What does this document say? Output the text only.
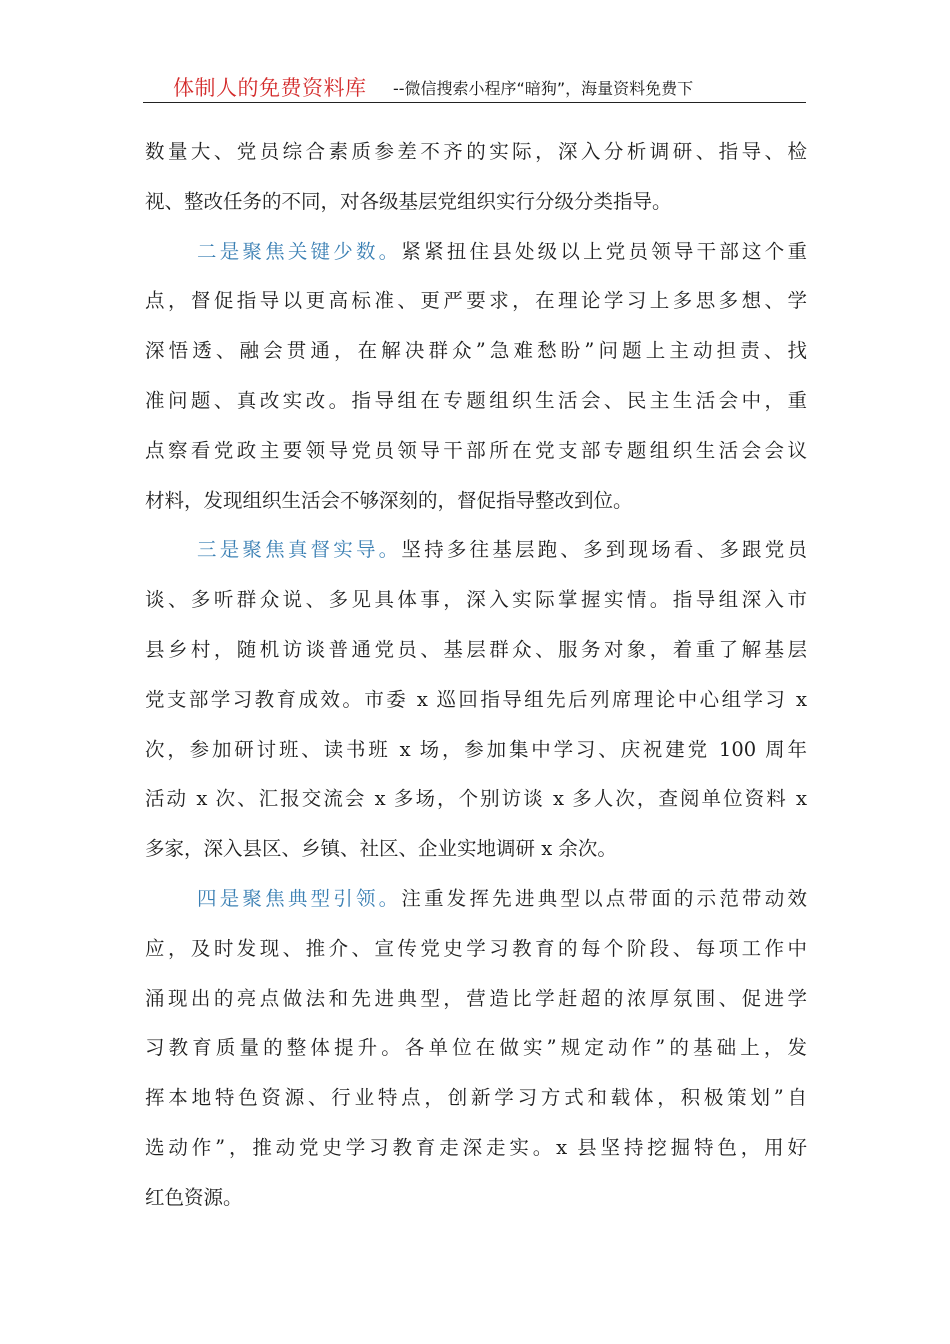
体制人的免费资料库 --微信搜索小程序“暗狗”，海量资料免费下
数量大、党员综合素质参差不齐的实际，深入分析调研、指导、检
视、整改任务的不同，对各级基层党组织实行分级分类指导。
二是聚焦关键少数。紧紧扭住县处级以上党员领导干部这个重
点，督促指导以更高标准、更严要求，在理论学习上多思多想、学
深悟透、融会贯通，在解决群众”急难愁盼”问题上主动担责、找
准问题、真改实改。指导组在专题组织生活会、民主生活会中，重
点察看党政主要领导党员领导干部所在党支部专题组织生活会会议
材料，发现组织生活会不够深刻的，督促指导整改到位。
三是聚焦真督实导。坚持多往基层跑、多到现场看、多跟党员
谈、多听群众说、多见具体事，深入实际掌握实情。指导组深入市
县乡村，随机访谈普通党员、基层群众、服务对象，着重了解基层
党支部学习教育成效。市委 x 巡回指导组先后列席理论中心组学习 x
次，参加研讨班、读书班 x 场，参加集中学习、庆祝建党 100 周年
活动 x 次、汇报交流会 x 多场，个别访谈 x 多人次，查阅单位资料 x
多家，深入县区、乡镇、社区、企业实地调研 x 余次。
四是聚焦典型引领。注重发挥先进典型以点带面的示范带动效
应，及时发现、推介、宣传党史学习教育的每个阶段、每项工作中
涌现出的亮点做法和先进典型，营造比学赶超的浓厚氛围、促进学
习教育质量的整体提升。各单位在做实”规定动作”的基础上，发
挥本地特色资源、行业特点，创新学习方式和载体，积极策划”自
选动作”，推动党史学习教育走深走实。x 县坚持挖掘特色，用好
红色资源。
